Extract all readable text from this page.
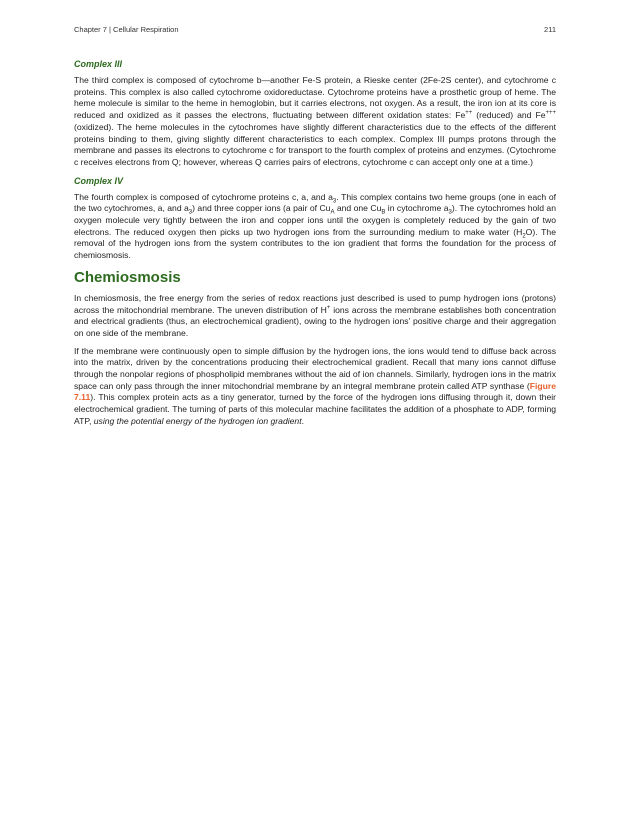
Chapter 7 | Cellular Respiration	211
Complex III

The third complex is composed of cytochrome b—another Fe-S protein, a Rieske center (2Fe-2S center), and cytochrome c proteins. This complex is also called cytochrome oxidoreductase. Cytochrome proteins have a prosthetic group of heme. The heme molecule is similar to the heme in hemoglobin, but it carries electrons, not oxygen. As a result, the iron ion at its core is reduced and oxidized as it passes the electrons, fluctuating between different oxidation states: Fe++ (reduced) and Fe+++ (oxidized). The heme molecules in the cytochromes have slightly different characteristics due to the effects of the different proteins binding to them, giving slightly different characteristics to each complex. Complex III pumps protons through the membrane and passes its electrons to cytochrome c for transport to the fourth complex of proteins and enzymes. (Cytochrome c receives electrons from Q; however, whereas Q carries pairs of electrons, cytochrome c can accept only one at a time.)

Complex IV

The fourth complex is composed of cytochrome proteins c, a, and $a_3$. This complex contains two heme groups (one in each of the two cytochromes, a, and $a_3$) and three copper ions (a pair of $Cu_A$ and one $Cu_B$ in cytochrome $a_3$). The cytochromes hold an oxygen molecule very tightly between the iron and copper ions until the oxygen is completely reduced by the gain of two electrons. The reduced oxygen then picks up two hydrogen ions from the surrounding medium to make water $(H_2O)$. The removal of the hydrogen ions from the system contributes to the ion gradient that forms the foundation for the process of chemiosmosis.

Chemiosmosis

In chemiosmosis, the free energy from the series of redox reactions just described is used to pump hydrogen ions (protons) across the mitochondrial membrane. The uneven distribution of H+ ions across the membrane establishes both concentration and electrical gradients (thus, an electrochemical gradient), owing to the hydrogen ions' positive charge and their aggregation on one side of the membrane.

If the membrane were continuously open to simple diffusion by the hydrogen ions, the ions would tend to diffuse back across into the matrix, driven by the concentrations producing their electrochemical gradient. Recall that many ions cannot diffuse through the nonpolar regions of phospholipid membranes without the aid of ion channels. Similarly, hydrogen ions in the matrix space can only pass through the inner mitochondrial membrane by an integral membrane protein called ATP synthase (Figure 7.11). This complex protein acts as a tiny generator, turned by the force of the hydrogen ions diffusing through it, down their electrochemical gradient. The turning of parts of this molecular machine facilitates the addition of a phosphate to ADP, forming ATP, using the potential energy of the hydrogen ion gradient.
